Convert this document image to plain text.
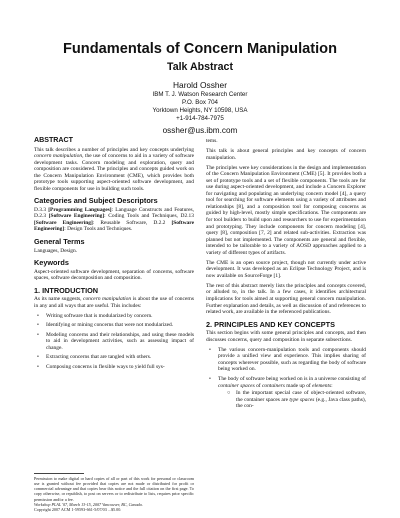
Fundamentals of Concern Manipulation
Talk Abstract
Harold Ossher
IBM T. J. Watson Research Center
P.O. Box 704
Yorktown Heights, NY 10598, USA
+1-914-784-7975
ossher@us.ibm.com
ABSTRACT

This talk describes a number of principles and key concepts underlying concern manipulation, the use of concerns to aid in a variety of software development tasks. Concern modeling and exploration, query and composition are considered. The principles and concepts guided work on the Concern Manipulation Environment (CME), which provides both prototype tools supporting aspect-oriented software development, and flexible components for use in building such tools.

Categories and Subject Descriptors

D.3.3 [Programming Languages]: Language Constructs and Features, D.2.3 [Software Engineering]: Coding Tools and Techniques, D2.13 [Software Engineering]: Reusable Software, D.2.2 [Software Engineering]: Design Tools and Techniques.

General Terms

Languages, Design.

Keywords

Aspect-oriented software development, separation of concerns, software spaces, software decomposition and composition.

1. INTRODUCTION

As its name suggests, concern manipulation is about the use of concerns in any and all ways that are useful. This includes:

• Writing software that is modularized by concern.
• Identifying or mining concerns that were not modularized.
• Modeling concerns and their relationships, and using these models to aid in development activities, such as assessing impact of change.
• Extracting concerns that are tangled with others.
• Composing concerns in flexible ways to yield full sys-
Permission to make digital or hard copies of all or part of this work for personal or classroom use is granted without fee provided that copies are not made or distributed for profit or commercial advantage and that copies bear this notice and the full citation on the first page. To copy otherwise, or republish, to post on servers or to redistribute to lists, requires prior specific permission and/or a fee.
Workshop PLAL '07, March 13-15, 2007 Vancouver, BC, Canada.
Copyright 2007 ACM 1-59593-661-5/07/03 ...$5.00.

tems.

This talk is about general principles and key concepts of concern manipulation.

The principles were key considerations in the design and implementation of the Concern Manipulation Environment (CME) [5]. It provides both a set of prototype tools and a set of flexible components. The tools are for use during aspect-oriented development, and include a Concern Explorer for navigating and populating an underlying concern model [4], a query tool for searching for software elements using a variety of attributes and relationships [8], and a composition tool for composing concerns as guided by high-level, mostly simple specifications. The components are for tool builders to build upon and researchers to use for experimentation and prototyping. They include components for concern modeling [4], query [8], composition [7, 2] and related sub-activities. Extraction was planned but not implemented. The components are general and flexible, intended to be tailorable to a variety of AOSD approaches applied to a variety of different types of artifacts.

The CME is an open source project, though not currently under active development. It was developed as an Eclipse Technology Project, and is now available on SourceForge [1].

The rest of this abstract merely lists the principles and concepts covered, or alluded to, in the talk. In a few cases, it identifies architectural implications for tools aimed at supporting general concern manipulation. Further explanation and details, as well as discussion of and references to related work, are available in the referenced publications.

2. PRINCIPLES AND KEY CONCEPTS

This section begins with some general principles and concepts, and then discusses concerns, query and composition in separate subsections.

• The various concern-manipulation tools and components should provide a unified view and experience. This implies sharing of concepts wherever possible, such as regarding the body of software being worked on.
• The body of software being worked on is in a universe consisting of container spaces of containers made up of elements:
○ In the important special case of object-oriented software, the container spaces are type spaces (e.g., Java class paths), the con-
